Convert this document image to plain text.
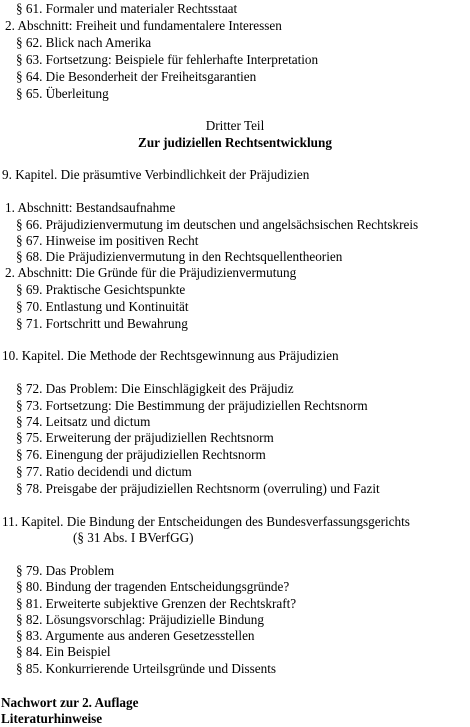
§ 61. Formaler und materialer Rechtsstaat
2. Abschnitt: Freiheit und fundamentalere Interessen
§ 62. Blick nach Amerika
§ 63. Fortsetzung: Beispiele für fehlerhafte Interpretation
§ 64. Die Besonderheit der Freiheitsgarantien
§ 65. Überleitung
Dritter Teil
Zur judiziellen Rechtsentwicklung
9. Kapitel. Die präsumtive Verbindlichkeit der Präjudizien
1. Abschnitt: Bestandsaufnahme
§ 66. Präjudizienvermutung im deutschen und angelsächsischen Rechtskreis
§ 67. Hinweise im positiven Recht
§ 68. Die Präjudizienvermutung in den Rechtsquellentheorien
2. Abschnitt: Die Gründe für die Präjudizienvermutung
§ 69. Praktische Gesichtspunkte
§ 70. Entlastung und Kontinuität
§ 71. Fortschritt und Bewahrung
10. Kapitel. Die Methode der Rechtsgewinnung aus Präjudizien
§ 72. Das Problem: Die Einschlägigkeit des Präjudiz
§ 73. Fortsetzung: Die Bestimmung der präjudiziellen Rechtsnorm
§ 74. Leitsatz und dictum
§ 75. Erweiterung der präjudiziellen Rechtsnorm
§ 76. Einengung der präjudiziellen Rechtsnorm
§ 77. Ratio decidendi und dictum
§ 78. Preisgabe der präjudiziellen Rechtsnorm (overruling) und Fazit
11. Kapitel. Die Bindung der Entscheidungen des Bundesverfassungsgerichts
(§ 31 Abs. I BVerfGG)
§ 79. Das Problem
§ 80. Bindung der tragenden Entscheidungsgründe?
§ 81. Erweiterte subjektive Grenzen der Rechtskraft?
§ 82. Lösungsvorschlag: Präjudizielle Bindung
§ 83. Argumente aus anderen Gesetzesstellen
§ 84. Ein Beispiel
§ 85. Konkurrierende Urteilsgründe und Dissents
Nachwort zur 2. Auflage
Literaturhinweise
